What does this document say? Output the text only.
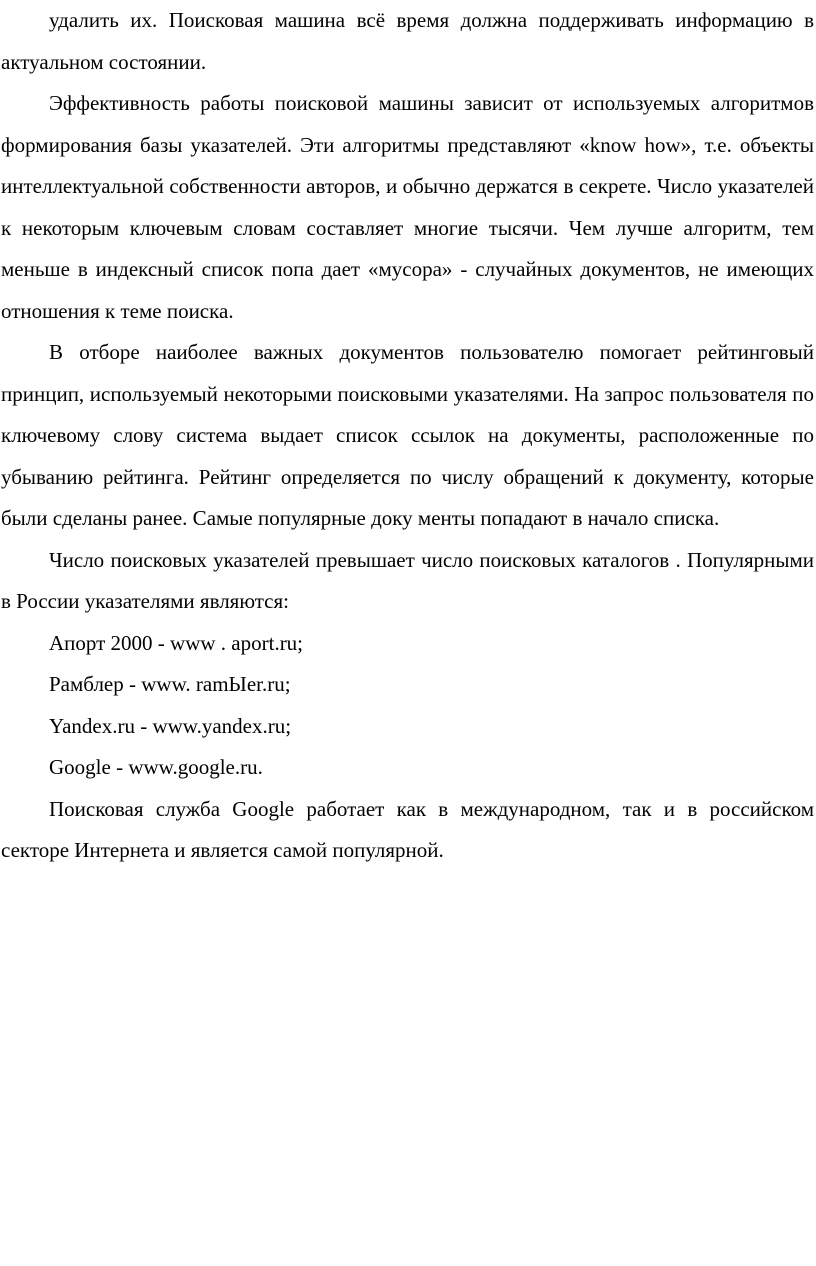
удалить их. Поисковая машина всё время должна поддерживать информацию в актуальном состоянии.

Эффективность работы поисковой машины зависит от используемых алгоритмов формирования базы указателей. Эти алгоритмы представляют «know how», т.е. объекты интеллектуальной собственности авторов, и обычно держатся в секрете. Число указателей к некоторым ключевым словам составляет многие тысячи. Чем лучше алгоритм, тем меньше в индексный список попа дает «мусора» - случайных документов, не имеющих отношения к теме поиска.

В отборе наиболее важных документов пользователю помогает рейтинговый принцип, используемый некоторыми поисковыми указателями. На запрос пользователя по ключевому слову система выдает список ссылок на документы, расположенные по убыванию рейтинга. Рейтинг определяется по числу обращений к документу, которые были сделаны ранее. Самые популярные доку менты попадают в начало списка.

Число поисковых указателей превышает число поисковых каталогов . Популярными в России указателями являются:

Апорт 2000 - www . aport.ru;

Рамблер - www. ramЫer.ru;

Yandex.ru - www.yandex.ru;

Google - www.google.ru.

Поисковая служба Google работает как в международном, так и в российском секторе Интернета и является самой популярной.
